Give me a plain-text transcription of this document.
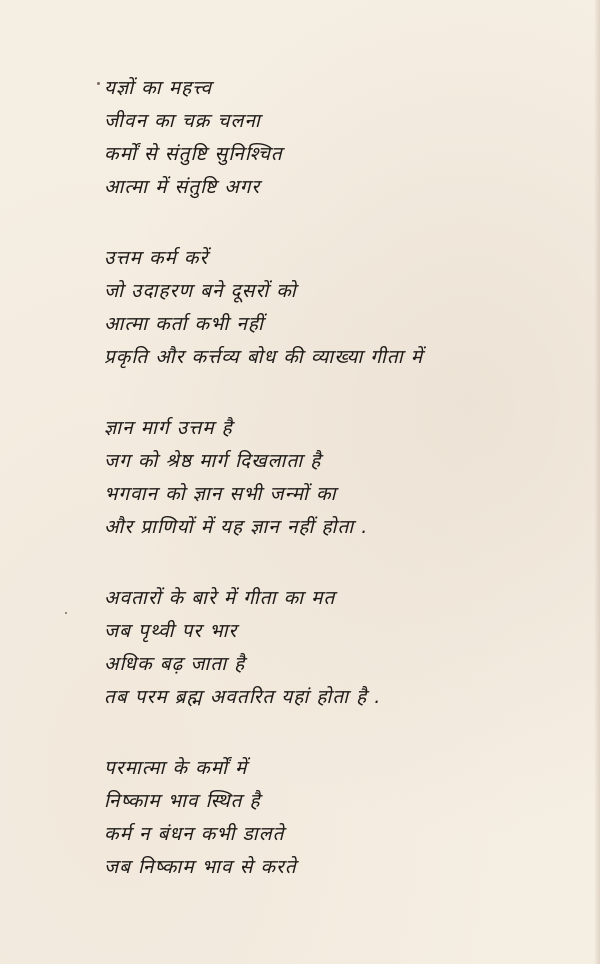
यज्ञों का महत्त्व
जीवन का चक्र चलना
कर्मों से संतुष्टि सुनिश्चित
आत्मा में संतुष्टि अगर
उत्तम कर्म करें
जो उदाहरण बने दूसरों को
आत्मा कर्ता कभी नहीं
प्रकृति और कर्त्तव्य बोध की व्याख्या गीता में
ज्ञान मार्ग उत्तम है
जग को श्रेष्ठ मार्ग दिखलाता है
भगवान को ज्ञान सभी जन्मों का
और प्राणियों में यह ज्ञान नहीं होता .
अवतारों के बारे में गीता का मत
जब पृथ्वी पर भार
अधिक बढ़ जाता है
तब परम ब्रह्म अवतरित यहां होता है .
परमात्मा के कर्मों में
निष्काम भाव स्थित है
कर्म न बंधन कभी डालते
जब निष्काम भाव से करते
